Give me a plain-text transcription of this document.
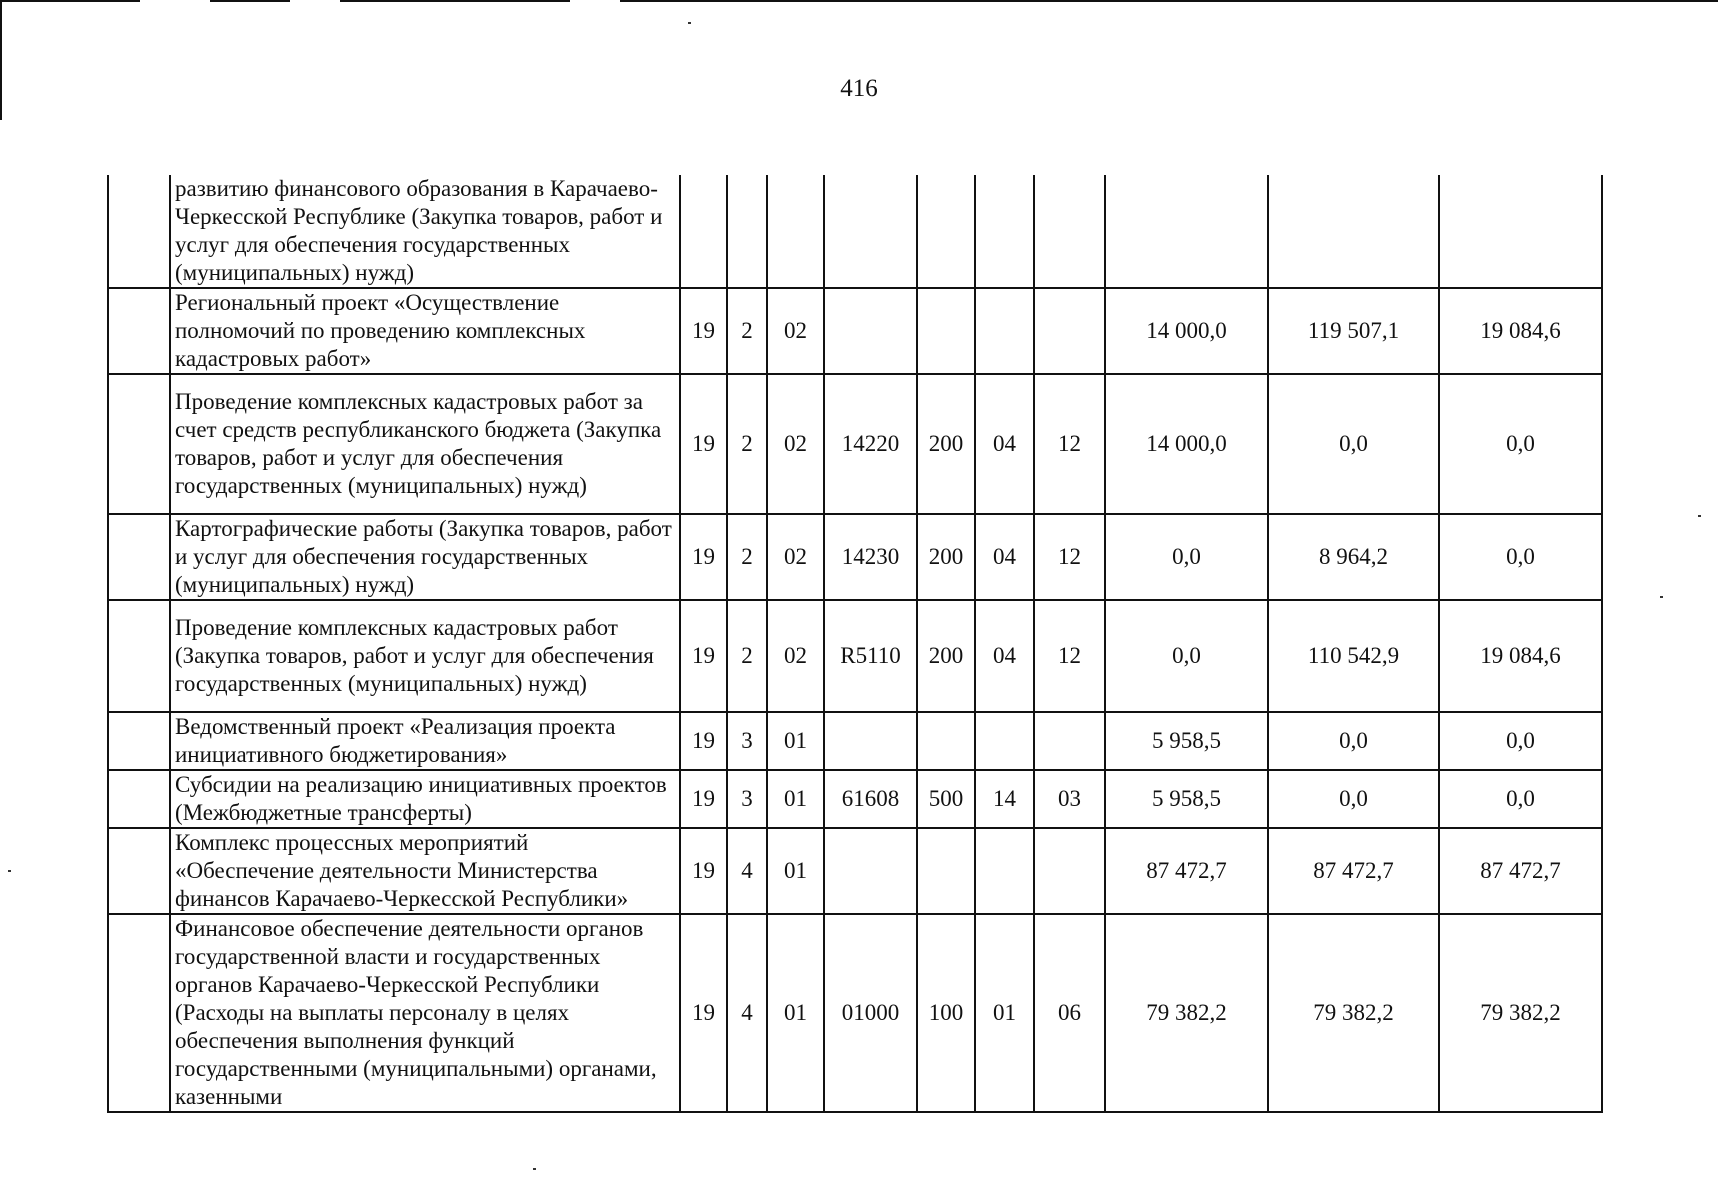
416
	развитию финансового образования в Карачаево-Черкесской Республике (Закупка товаров, работ и услуг для обеспечения государственных (муниципальных) нужд)										
	Региональный проект «Осуществление полномочий по проведению комплексных кадастровых работ»	19	2	02					14 000,0	119 507,1	19 084,6
	Проведение комплексных кадастровых работ за счет средств республиканского бюджета (Закупка товаров, работ и услуг для обеспечения государственных (муниципальных) нужд)	19	2	02	14220	200	04	12	14 000,0	0,0	0,0
	Картографические работы (Закупка товаров, работ и услуг для обеспечения государственных (муниципальных) нужд)	19	2	02	14230	200	04	12	0,0	8 964,2	0,0
	Проведение комплексных кадастровых работ (Закупка товаров, работ и услуг для обеспечения государственных (муниципальных) нужд)	19	2	02	R5110	200	04	12	0,0	110 542,9	19 084,6
	Ведомственный проект «Реализация проекта инициативного бюджетирования»	19	3	01					5 958,5	0,0	0,0
	Субсидии на реализацию инициативных проектов (Межбюджетные трансферты)	19	3	01	61608	500	14	03	5 958,5	0,0	0,0
	Комплекс процессных мероприятий «Обеспечение деятельности Министерства финансов Карачаево-Черкесской Республики»	19	4	01					87 472,7	87 472,7	87 472,7
	Финансовое обеспечение деятельности органов государственной власти и государственных органов Карачаево-Черкесской Республики (Расходы на выплаты персоналу в целях обеспечения выполнения функций государственными (муниципальными) органами, казенными	19	4	01	01000	100	01	06	79 382,2	79 382,2	79 382,2
